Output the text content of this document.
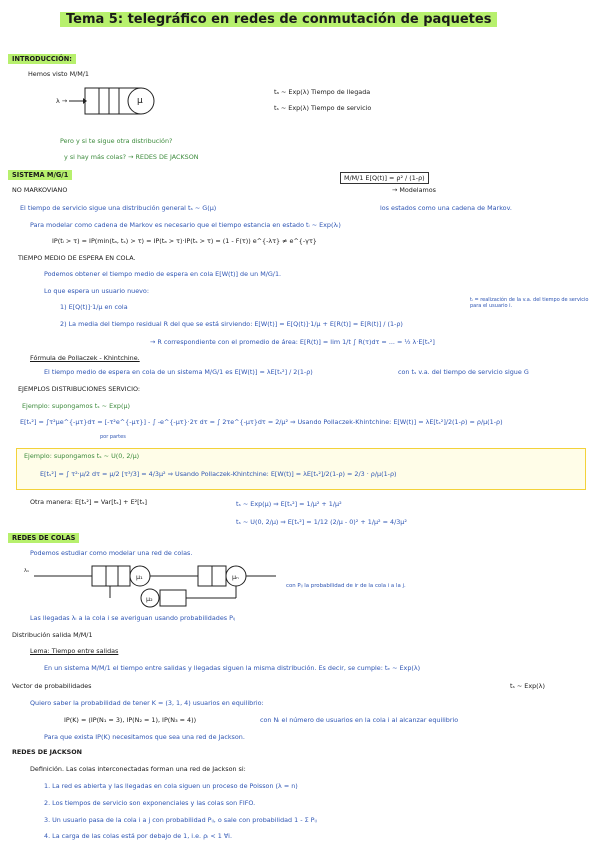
Tema 5: telegráfico en redes de conmutación de paquetes
INTRODUCCIÓN:
Hemos visto M/M/1
μ
λ →
tₐ ~ Exp(λ) Tiempo de llegada
tₛ ~ Exp(λ) Tiempo de servicio
Pero y si te sigue otra distribución?
y si hay más colas? → REDES DE JACKSON
SISTEMA M/G/1	M/M/1 E[Q(t)] = ρ² / (1-ρ)
→ Modelamos
NO MARKOVIANO
El tiempo de servicio sigue una distribución general tₛ ~ G(μ)	los estados como una cadena de Markov.
Para modelar como cadena de Markov es necesario que el tiempo estancia en estado tᵢ ~ Exp(λᵢ)
IP(tᵢ > τ) = IP(min(tₐ, tₛ) > τ) = IP(tₐ > τ)·IP(tₛ > τ) = (1 - F(τ)) e^{-λτ} ≠ e^{-γτ}
TIEMPO MEDIO DE ESPERA EN COLA.
Podemos obtener el tiempo medio de espera en cola E[W(t)] de un M/G/1.
Lo que espera un usuario nuevo:
1) E[Q(t)]·1/μ en cola
2) La media del tiempo residual R del que se está sirviendo: E[W(t)] = E[Q(t)]·1/μ + E[R(t)] = E[R(t)] / (1-ρ)
tᵢ = realización de la v.a. del tiempo de servicio para el usuario i.
→ R correspondiente con el promedio de área: E[R(t)] = lim 1/t ∫ R(τ)dτ = ... = ½ λ·E[tₛ²]
Fórmula de Pollaczek - Khintchine.
El tiempo medio de espera en cola de un sistema M/G/1 es E[W(t)] = λE[tₛ²] / 2(1-ρ)	con tₛ v.a. del tiempo de servicio sigue G
EJEMPLOS DISTRIBUCIONES SERVICIO:
Ejemplo: supongamos tₛ ~ Exp(μ)
E[tₛ²] = ∫τ²μe^{-μτ}dτ = [-τ²e^{-μτ}] - ∫ -e^{-μτ}·2τ dτ = ∫ 2τe^{-μτ}dτ = 2/μ² ⇒ Usando Pollaczek-Khintchine: E[W(t)] = λE[tₛ²]/2(1-ρ) = ρ/μ(1-ρ)
por partes
Ejemplo: supongamos tₛ ~ U(0, 2/μ)
E[tₛ²] = ∫ τ²·μ/2 dτ = μ/2 [τ³/3] = 4/3μ² ⇒ Usando Pollaczek-Khintchine: E[W(t)] = λE[tₛ²]/2(1-ρ) = 2/3 · ρ/μ(1-ρ)
Otra manera: E[tₛ²] = Var[tₛ] + E²[tₛ]	tₛ ~ Exp(μ) ⇒ E[tₛ²] = 1/μ² + 1/μ²
tₛ ~ U(0, 2/μ) ⇒ E[tₛ²] = 1/12 (2/μ - 0)² + 1/μ² = 4/3μ²
REDES DE COLAS
Podemos estudiar como modelar una red de colas.
λ₁
μ₁	μₙ
μ₂
con Pᵢⱼ la probabilidad de ir de la cola i a la j.
Las llegadas λᵢ a la cola i se averiguan usando probabilidades Pᵢⱼ
Distribución salida M/M/1
Lema: Tiempo entre salidas
En un sistema M/M/1 el tiempo entre salidas y llegadas siguen la misma distribución. Es decir, se cumple: tₑ ~ Exp(λ)
Vector de probabilidades	tₛ ~ Exp(λ)
Quiero saber la probabilidad de tener K = (3, 1, 4) usuarios en equilibrio:
IP(K) = (IP(N₁ = 3), IP(N₂ = 1), IP(N₃ = 4))	con Nᵢ el número de usuarios en la cola i al alcanzar equilibrio
Para que exista IP(K) necesitamos que sea una red de Jackson.
REDES DE JACKSON
Definición. Las colas interconectadas forman una red de Jackson si:
1. La red es abierta y las llegadas en cola siguen un proceso de Poisson (λ = n)
2. Los tiempos de servicio son exponenciales y las colas son FIFO.
3. Un usuario pasa de la cola i a j con probabilidad Pᵢⱼ, o sale con probabilidad 1 - Σ Pᵢⱼ
4. La carga de las colas está por debajo de 1, i.e. ρᵢ < 1 ∀i.
